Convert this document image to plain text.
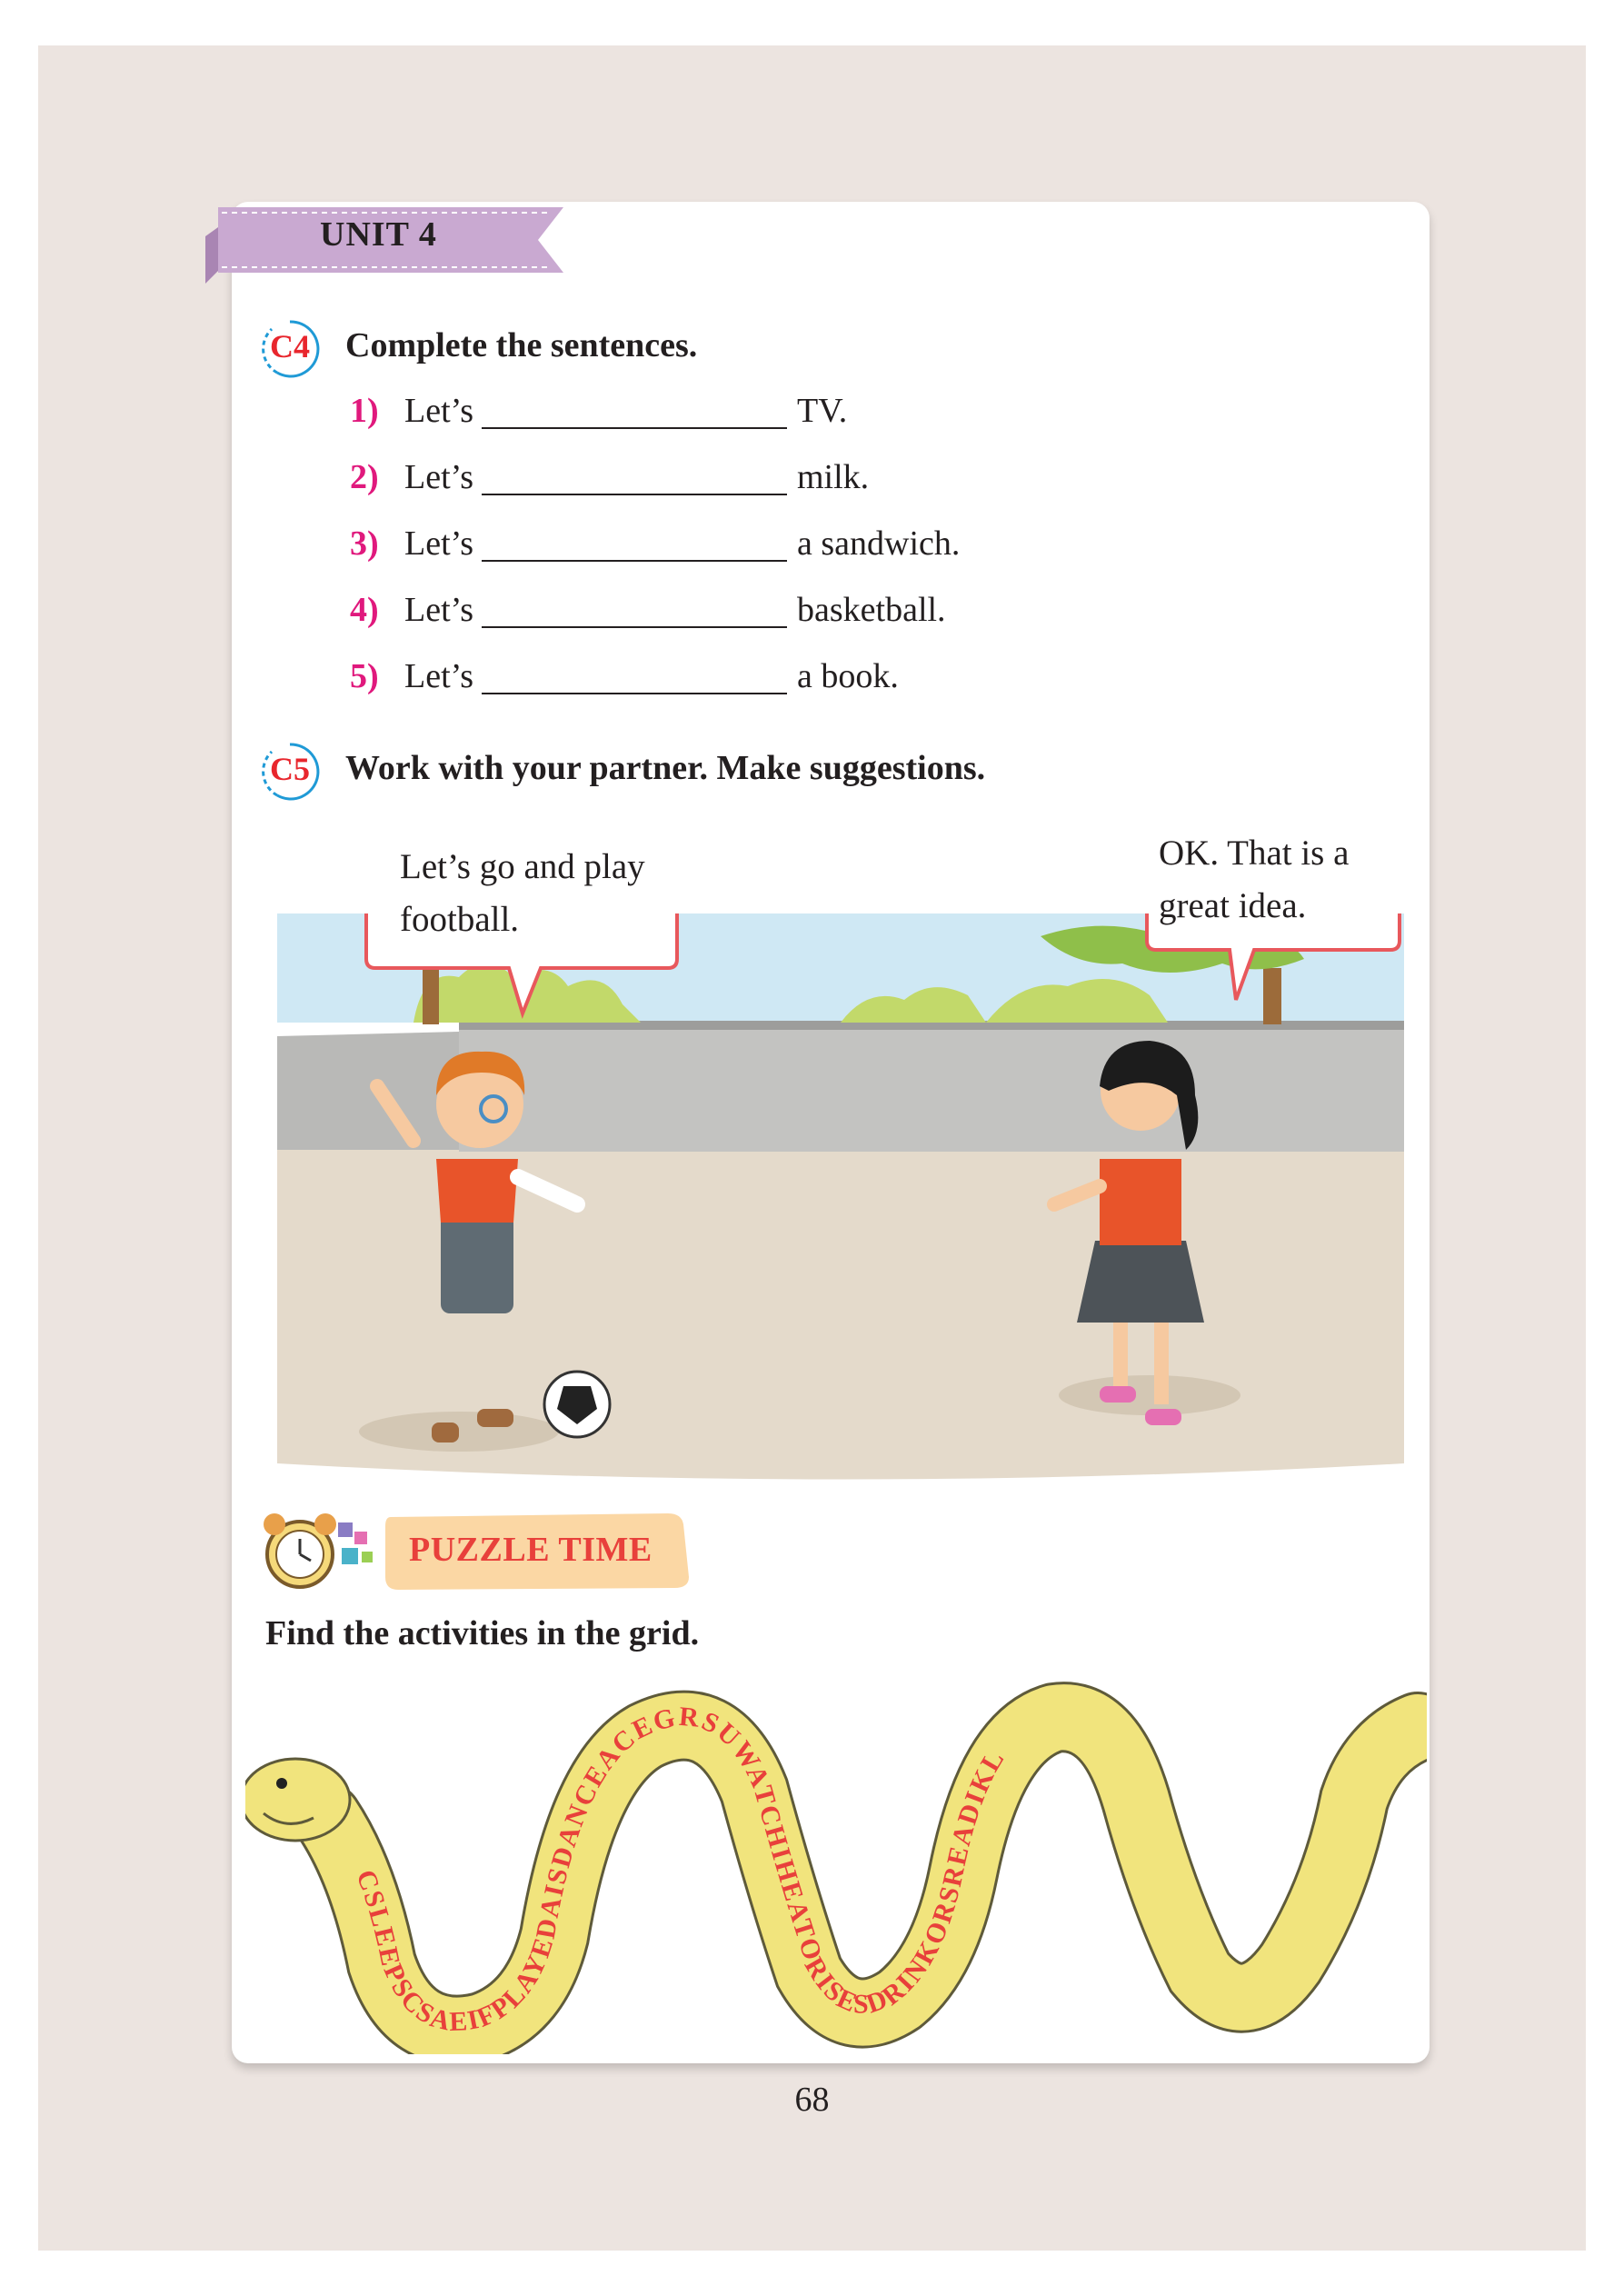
UNIT 4
C4	Complete the sentences.
1) Let’s	TV.
2) Let’s	milk.
3) Let’s	a sandwich.
4) Let’s	basketball.
5) Let’s	a book.
C5	Work with your partner. Make suggestions.
Let’s go and play
football.
OK. That is a
great idea.
PUZZLE TIME
Find the activities in the grid.
CSLEEPSCSAEIFPLAYEDAISDANCEACEGRSUWATCHIHEATORISESDRINKORSREADIKL
68
